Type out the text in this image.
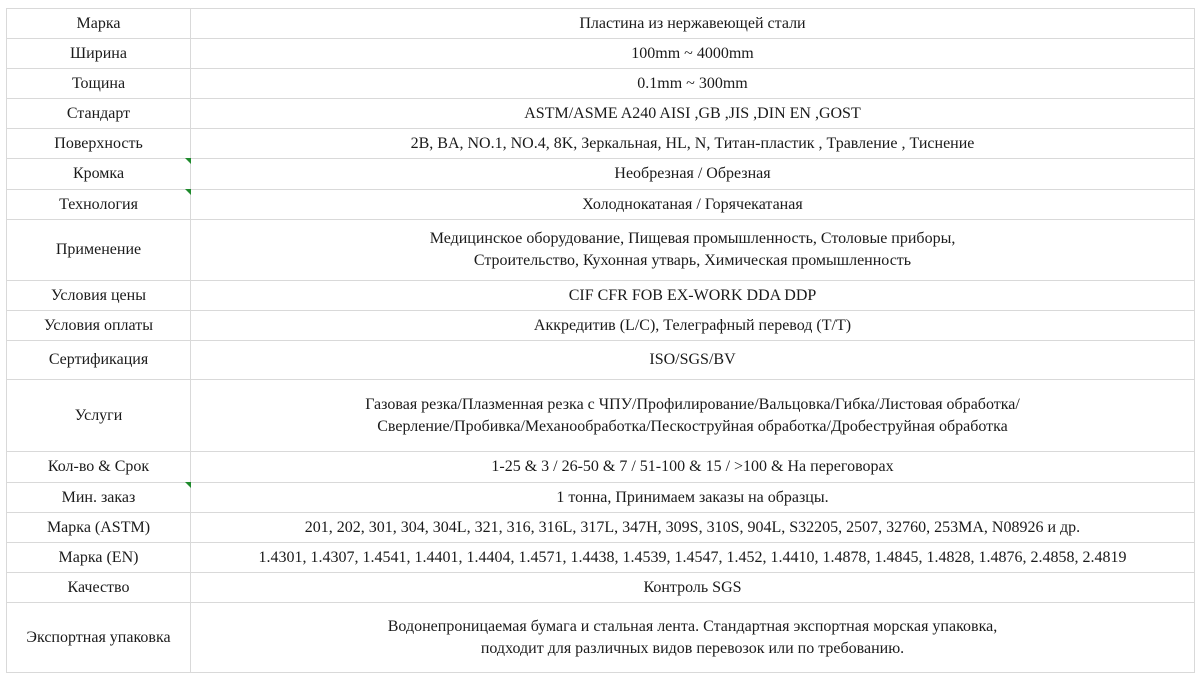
Марка	Пластина из нержавеющей стали

Ширина	100mm ~ 4000mm

Тощина	0.1mm ~ 300mm

Стандарт	ASTM/ASME A240 AISI ,GB ,JIS ,DIN EN ,GOST

Поверхность	2B, BA, NO.1, NO.4, 8K, Зеркальная, HL, N, Титан-пластик , Травление , Тиснение

Кромка	Необрезная / Обрезная

Технология	Холоднокатаная / Горячекатаная

Применение	Медицинское оборудование, Пищевая промышленность, Столовые приборы,
Строительство, Кухонная утварь, Химическая промышленность

Условия цены	CIF CFR FOB EX-WORK DDA DDP

Условия оплаты	Аккредитив (L/C), Телеграфный перевод (T/T)

Сертификация	ISO/SGS/BV

Услуги	Газовая резка/Плазменная резка с ЧПУ/Профилирование/Вальцовка/Гибка/Листовая обработка/
Сверление/Пробивка/Механообработка/Пескоструйная обработка/Дробеструйная обработка

Кол-во & Срок	1-25 & 3 / 26-50 & 7 / 51-100 & 15 / >100 & На переговорах

Мин. заказ	1 тонна, Принимаем заказы на образцы.

Марка (ASTM)	201, 202, 301, 304, 304L, 321, 316, 316L, 317L, 347H, 309S, 310S, 904L, S32205, 2507, 32760, 253MA, N08926 и др.

Марка (EN)	1.4301, 1.4307, 1.4541, 1.4401, 1.4404, 1.4571, 1.4438, 1.4539, 1.4547, 1.452, 1.4410, 1.4878, 1.4845, 1.4828, 1.4876, 2.4858, 2.4819

Качество	Контроль SGS

Экспортная упаковка	Водонепроницаемая бумага и стальная лента. Стандартная экспортная морская упаковка,
подходит для различных видов перевозок или по требованию.
